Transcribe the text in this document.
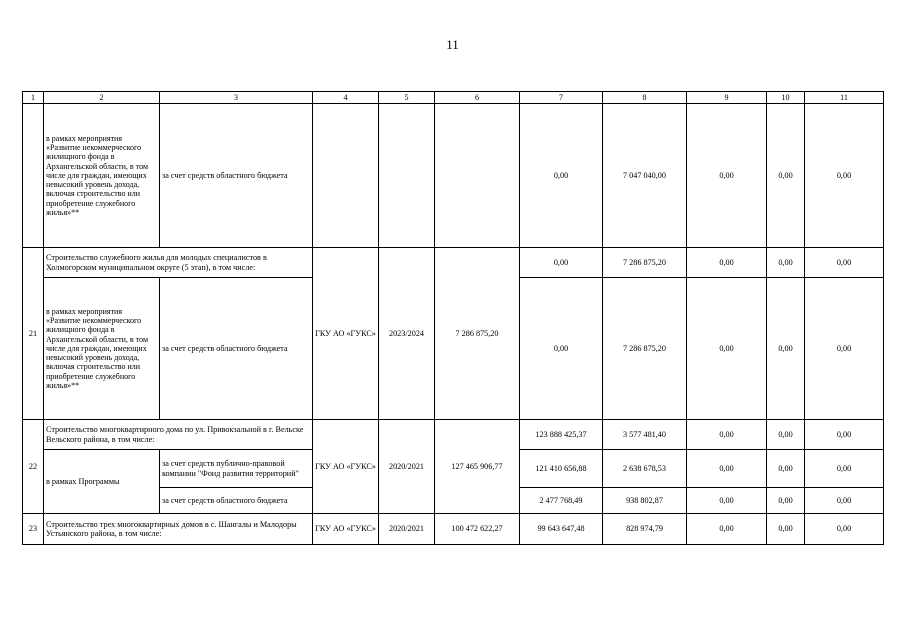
11
1	2	3	4	5	6	7	8	9	10	11
	в рамках мероприятия «Развитие некоммерческого жилищного фонда в Архангельской области, в том числе для граждан, имеющих невысокий уровень дохода, включая строительство или приобретение служебного жилья»**	за счет средств областного бюджета				0,00	7 047 040,00	0,00	0,00	0,00
21	Строительство служебного жилья для молодых специалистов в Холмогорском муниципальном округе (5 этап), в том числе:		ГКУ АО «ГУКС»	2023/2024	7 286 875,20	0,00	7 286 875,20	0,00	0,00	0,00
	в рамках мероприятия «Развитие некоммерческого жилищного фонда в Архангельской области, в том числе для граждан, имеющих невысокий уровень дохода, включая строительство или приобретение служебного жилья»**	за счет средств областного бюджета				0,00	7 286 875,20	0,00	0,00	0,00
22	Строительство многоквартирного дома по ул. Привокзальной в г. Вельске Вельского района, в том числе:		ГКУ АО «ГУКС»	2020/2021	127 465 906,77	123 888 425,37	3 577 481,40	0,00	0,00	0,00
	в рамках Программы	за счет средств публично-правовой компании "Фонд развития территорий"				121 410 656,88	2 638 678,53	0,00	0,00	0,00
		за счет средств областного бюджета				2 477 768,49	938 802,87	0,00	0,00	0,00
23	Строительство трех многоквартирных домов в с. Шангалы и Малодоры Устьянского района, в том числе:		ГКУ АО «ГУКС»	2020/2021	100 472 622,27	99 643 647,48	828 974,79	0,00	0,00	0,00
